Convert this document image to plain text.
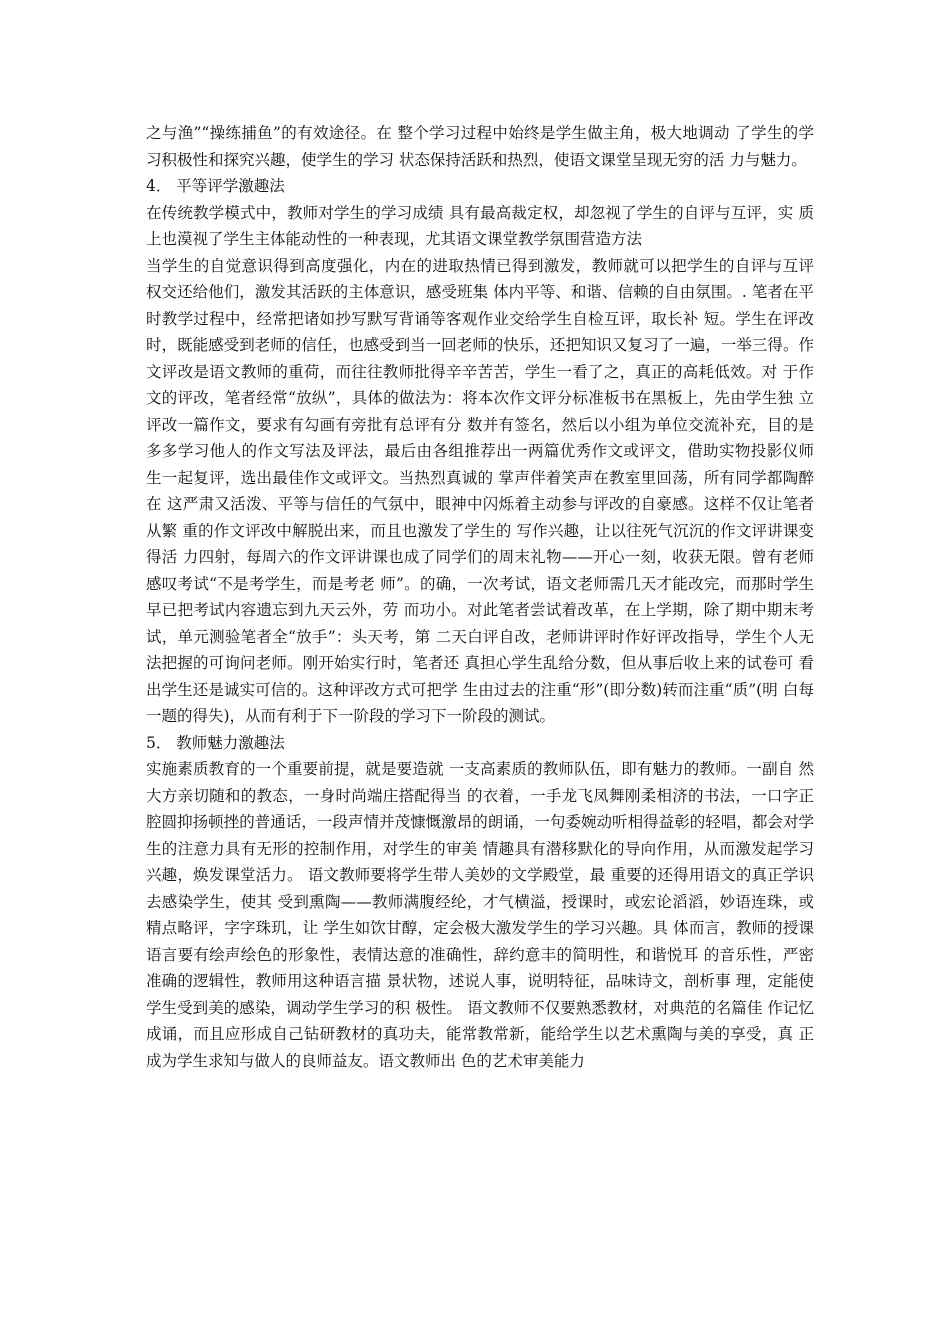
之与渔”“操练捕鱼”的有效途径。在 整个学习过程中始终是学生做主角，极大地调动 了学生的学习积极性和探究兴趣，使学生的学习 状态保持活跃和热烈，使语文课堂呈现无穷的活 力与魅力。

4． 平等评学激趣法

在传统教学模式中，教师对学生的学习成绩 具有最高裁定权，却忽视了学生的自评与互评，实 质上也漠视了学生主体能动性的一种表现，尤其语文课堂教学氛围营造方法

当学生的自觉意识得到高度强化，内在的进取热情已得到激发，教师就可以把学生的自评与互评 权交还给他们，激发其活跃的主体意识，感受班集 体内平等、和谐、信赖的自由氛围。. 笔者在平时教学过程中，经常把诸如抄写默写背诵等客观作业交给学生自检互评，取长补 短。学生在评改时，既能感受到老师的信任，也感受到当一回老师的快乐，还把知识又复习了一遍，一举三得。作文评改是语文教师的重荷，而往往教师批得辛辛苦苦，学生一看了之，真正的高耗低效。对 于作文的评改，笔者经常“放纵”，具体的做法为：将本次作文评分标准板书在黑板上，先由学生独 立评改一篇作文，要求有勾画有旁批有总评有分 数并有签名，然后以小组为单位交流补充，目的是 多多学习他人的作文写法及评法，最后由各组推荐出一两篇优秀作文或评文，借助实物投影仪师 生一起复评，选出最佳作文或评文。当热烈真诚的 掌声伴着笑声在教室里回荡，所有同学都陶醉在 这严肃又活泼、平等与信任的气氛中，眼神中闪烁着主动参与评改的自豪感。这样不仅让笔者从繁 重的作文评改中解脱出来，而且也激发了学生的 写作兴趣，让以往死气沉沉的作文评讲课变得活 力四射，每周六的作文评讲课也成了同学们的周末礼物——开心一刻，收获无限。曾有老师感叹考试“不是考学生，而是考老 师”。的确，一次考试，语文老师需几天才能改完，而那时学生早已把考试内容遗忘到九天云外，劳 而功小。对此笔者尝试着改革，在上学期，除了期中期末考试，单元测验笔者全“放手”：头天考，第 二天白评自改，老师讲评时作好评改指导，学生个人无法把握的可询问老师。刚开始实行时，笔者还 真担心学生乱给分数，但从事后收上来的试卷可 看出学生还是诚实可信的。这种评改方式可把学 生由过去的注重“形”(即分数)转而注重“质”(明 白每一题的得失)，从而有利于下一阶段的学习下一阶段的测试。

5． 教师魅力激趣法

实施素质教育的一个重要前提，就是要造就 一支高素质的教师队伍，即有魅力的教师。一副自 然大方亲切随和的教态，一身时尚端庄搭配得当 的衣着，一手龙飞凤舞刚柔相济的书法，一口字正 腔圆抑扬顿挫的普通话，一段声情并茂慷慨激昂的朗诵，一句委婉动听相得益彰的轻唱，都会对学 生的注意力具有无形的控制作用，对学生的审美 情趣具有潜移默化的导向作用，从而激发起学习 兴趣，焕发课堂活力。 语文教师要将学生带人美妙的文学殿堂，最 重要的还得用语文的真正学识去感染学生，使其 受到熏陶——教师满腹经纶，才气横溢，授课时，或宏论滔滔，妙语连珠，或精点略评，字字珠玑，让 学生如饮甘醇，定会极大激发学生的学习兴趣。具 体而言，教师的授课语言要有绘声绘色的形象性，表情达意的准确性，辞约意丰的简明性，和谐悦耳 的音乐性，严密准确的逻辑性，教师用这种语言描 景状物，述说人事，说明特征，品味诗文，剖析事 理，定能使学生受到美的感染，调动学生学习的积 极性。 语文教师不仅要熟悉教材，对典范的名篇佳 作记忆成诵，而且应形成自己钻研教材的真功夫，能常教常新，能给学生以艺术熏陶与美的享受，真 正成为学生求知与做人的良师益友。语文教师出 色的艺术审美能力
